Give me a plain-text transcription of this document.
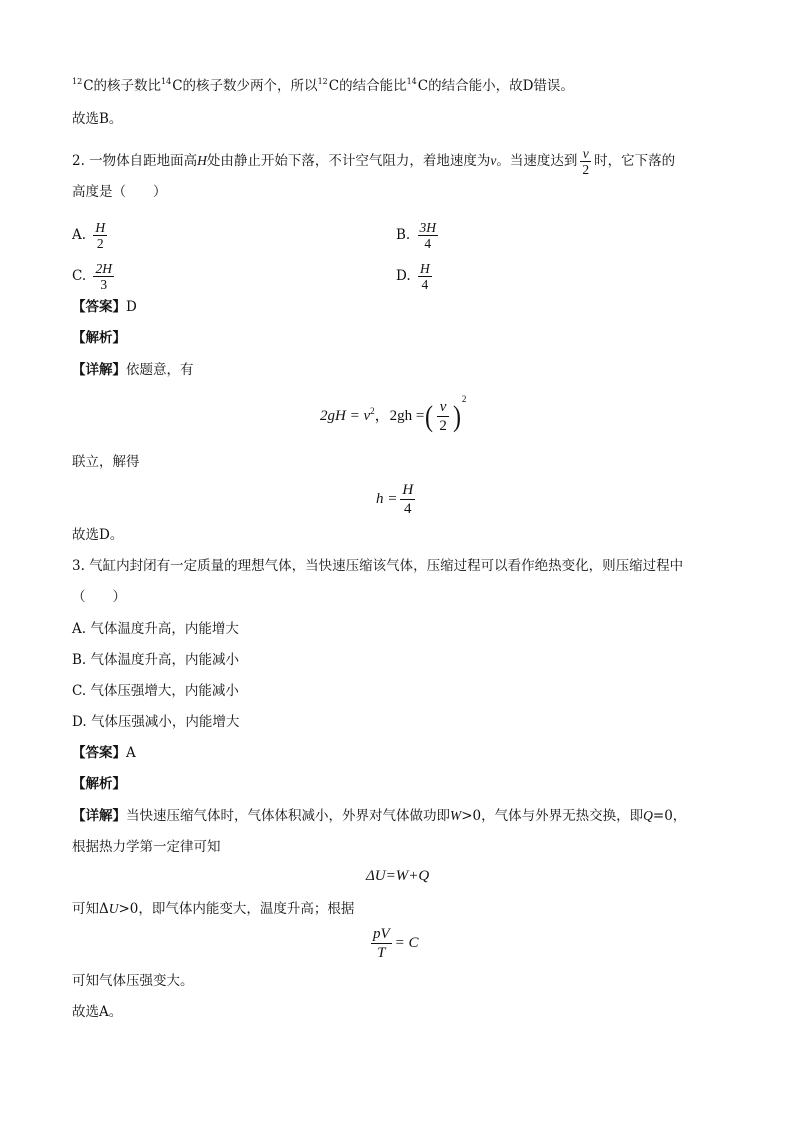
$^{12}$C的核子数比$^{14}$C的核子数少两个，所以$^{12}$C的结合能比$^{14}$C的结合能小，故D错误。
故选B。
2. 一物体自距地面高H处由静止开始下落，不计空气阻力，着地速度为v。当速度达到 $\frac{v}{2}$ 时，它下落的
高度是（　　）
A. $\frac{H}{2}$	B. $\frac{3H}{4}$
C. $\frac{2H}{3}$	D. $\frac{H}{4}$
【答案】D
【解析】
【详解】依题意，有
$2gH = v^2$，2gh =( $\frac{v}{2} )^2$
联立，解得
$h = \frac{H}{4}$
故选D。
3. 气缸内封闭有一定质量的理想气体，当快速压缩该气体，压缩过程可以看作绝热变化，则压缩过程中
（　　）
A. 气体温度升高，内能增大
B. 气体温度升高，内能减小
C. 气体压强增大，内能减小
D. 气体压强减小，内能增大
【答案】A
【解析】
【详解】当快速压缩气体时，气体体积减小，外界对气体做功即W>0，气体与外界无热交换，即Q=0，
根据热力学第一定律可知
ΔU=W+Q
可知ΔU>0，即气体内能变大，温度升高；根据
$\frac{pV}{T} = C$
可知气体压强变大。
故选A。
